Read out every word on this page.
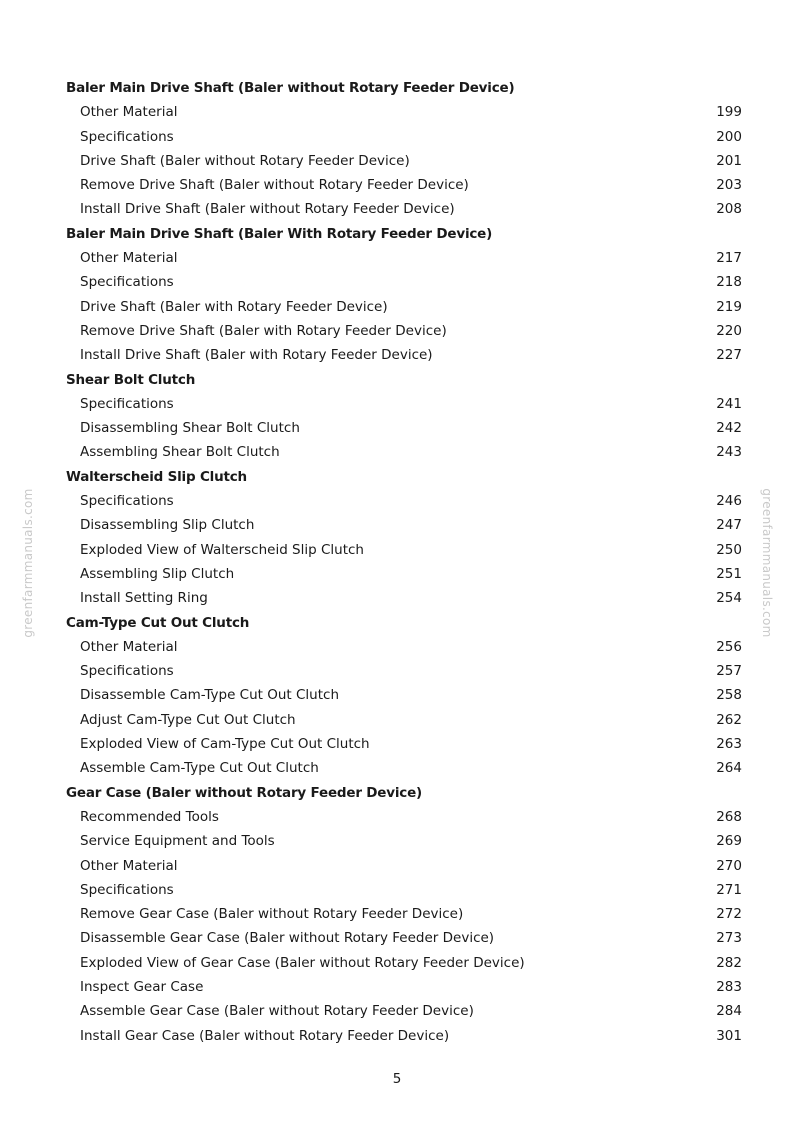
Baler Main Drive Shaft (Baler without Rotary Feeder Device)
Other Material	199
Specifications	200
Drive Shaft (Baler without Rotary Feeder Device)	201
Remove Drive Shaft (Baler without Rotary Feeder Device)	203
Install Drive Shaft (Baler without Rotary Feeder Device)	208
Baler Main Drive Shaft (Baler With Rotary Feeder Device)
Other Material	217
Specifications	218
Drive Shaft (Baler with Rotary Feeder Device)	219
Remove Drive Shaft (Baler with Rotary Feeder Device)	220
Install Drive Shaft (Baler with Rotary Feeder Device)	227
Shear Bolt Clutch
Specifications	241
Disassembling Shear Bolt Clutch	242
Assembling Shear Bolt Clutch	243
Walterscheid Slip Clutch
Specifications	246
Disassembling Slip Clutch	247
Exploded View of Walterscheid Slip Clutch	250
Assembling Slip Clutch	251
Install Setting Ring	254
Cam-Type Cut Out Clutch
Other Material	256
Specifications	257
Disassemble Cam-Type Cut Out Clutch	258
Adjust Cam-Type Cut Out Clutch	262
Exploded View of Cam-Type Cut Out Clutch	263
Assemble Cam-Type Cut Out Clutch	264
Gear Case (Baler without Rotary Feeder Device)
Recommended Tools	268
Service Equipment and Tools	269
Other Material	270
Specifications	271
Remove Gear Case (Baler without Rotary Feeder Device)	272
Disassemble Gear Case (Baler without Rotary Feeder Device)	273
Exploded View of Gear Case (Baler without Rotary Feeder Device)	282
Inspect Gear Case	283
Assemble Gear Case (Baler without Rotary Feeder Device)	284
Install Gear Case (Baler without Rotary Feeder Device)	301
5
greenfarmmanuals.com	greenfarmmanuals.com
